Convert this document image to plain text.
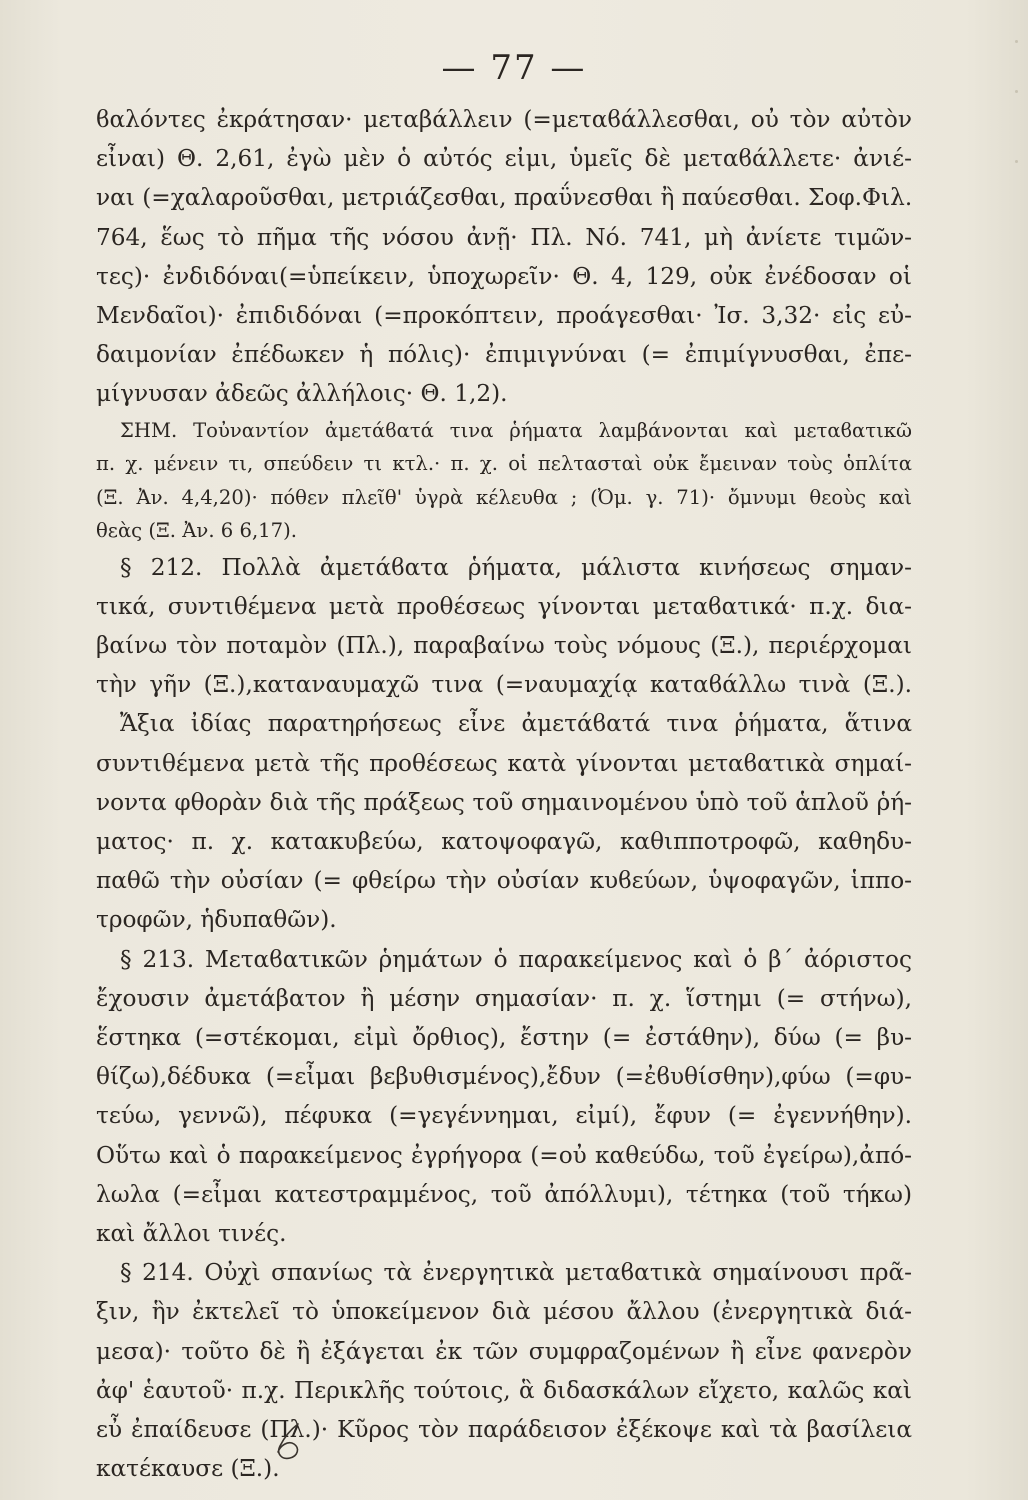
— 77 —
ϐαλόντες ἐκράτησαν· μεταβάλλειν (=μεταϐάλλεσθαι, οὐ τὸν αὐτὸν
εἶναι) Θ. 2,61, ἐγὼ μὲν ὁ αὐτός εἰμι, ὑμεῖς δὲ μεταϐάλλετε· ἀνιέ-
ναι (=χαλαροῦσθαι, μετριάζεσθαι, πραΰνεσθαι ἢ παύεσθαι. Σοφ.Φιλ.
764, ἕως τὸ πῆμα τῆς νόσου ἀνῇ· Πλ. Νό. 741, μὴ ἀνίετε τιμῶν-
τες)· ἐνδιδόναι(=ὑπείκειν, ὑποχωρεῖν· Θ. 4, 129, οὐκ ἐνέδοσαν οἱ
Μενδαῖοι)· ἐπιδιδόναι (=προκόπτειν, προάγεσθαι· Ἰσ. 3,32· εἰς εὐ-
δαιμονίαν ἐπέδωκεν ἡ πόλις)· ἐπιμιγνύναι (= ἐπιμίγνυσθαι, ἐπε-
μίγνυσαν ἀδεῶς ἀλλήλοις· Θ. 1,2).
ΣΗΜ. Τοὐναντίον ἀμετάϐατά τινα ῥήματα λαμβάνονται καὶ μεταϐατικῶ
π. χ. μένειν τι, σπεύδειν τι κτλ.· π. χ. οἱ πελτασταὶ οὐκ ἔμειναν τοὺς ὁπλίτα
(Ξ. Ἀν. 4,4,20)· πόθεν πλεῖθ' ὑγρὰ κέλευθα ; (Ὀμ. γ. 71)· ὄμνυμι θεοὺς καὶ
θεὰς (Ξ. Ἀν. 6 6,17).
§ 212. Πολλὰ ἀμετάϐατα ῥήματα, μάλιστα κινήσεως σημαν-
τικά, συντιθέμενα μετὰ προθέσεως γίνονται μεταϐατικά· π.χ. δια-
βαίνω τὸν ποταμὸν (Πλ.), παραβαίνω τοὺς νόμους (Ξ.), περιέρχομαι
τὴν γῆν (Ξ.),καταναυμαχῶ τινα (=ναυμαχίᾳ καταϐάλλω τινὰ (Ξ.).
Ἄξια ἰδίας παρατηρήσεως εἶνε ἀμετάϐατά τινα ῥήματα, ἅτινα
συντιθέμενα μετὰ τῆς προθέσεως κατὰ γίνονται μεταϐατικὰ σημαί-
νοντα φθορὰν διὰ τῆς πράξεως τοῦ σημαινομένου ὑπὸ τοῦ ἁπλοῦ ῥή-
ματος· π. χ. κατακυβεύω, κατοψοφαγῶ, καθιπποτροφῶ, καθηδυ-
παθῶ τὴν οὐσίαν (= φθείρω τὴν οὐσίαν κυϐεύων, ὑψοφαγῶν, ἱππο-
τροφῶν, ἡδυπαθῶν).
§ 213. Μεταϐατικῶν ῥημάτων ὁ παρακείμενος καὶ ὁ β΄ ἀόριστος
ἔχουσιν ἀμετάβατον ἢ μέσην σημασίαν· π. χ. ἵστημι (= στήνω),
ἕστηκα (=στέκομαι, εἰμὶ ὄρθιος), ἔστην (= ἐστάθην), δύω (= βυ-
θίζω),δέδυκα (=εἶμαι βεβυθισμένος),ἔδυν (=ἐϐυθίσθην),φύω (=φυ-
τεύω, γεννῶ), πέφυκα (=γεγέννημαι, εἰμί), ἔφυν (= ἐγεννήθην).
Οὕτω καὶ ὁ παρακείμενος ἐγρήγορα (=οὐ καθεύδω, τοῦ ἐγείρω),ἀπό-
λωλα (=εἶμαι κατεστραμμένος, τοῦ ἀπόλλυμι), τέτηκα (τοῦ τήκω)
καὶ ἄλλοι τινές.
§ 214. Οὐχὶ σπανίως τὰ ἐνεργητικὰ μεταϐατικὰ σημαίνουσι πρᾶ-
ξιν, ἣν ἐκτελεῖ τὸ ὑποκείμενον διὰ μέσου ἄλλου (ἐνεργητικὰ διά-
μεσα)· τοῦτο δὲ ἢ ἐξάγεται ἐκ τῶν συμφραζομένων ἢ εἶνε φανερὸν
ἀφ' ἑαυτοῦ· π.χ. Περικλῆς τούτοις, ἃ διδασκάλων εἴχετο, καλῶς καὶ
εὖ ἐπαίδευσε (Πλ.)· Κῦρος τὸν παράδεισον ἐξέκοψε καὶ τὰ βασίλεια
κατέκαυσε (Ξ.).
